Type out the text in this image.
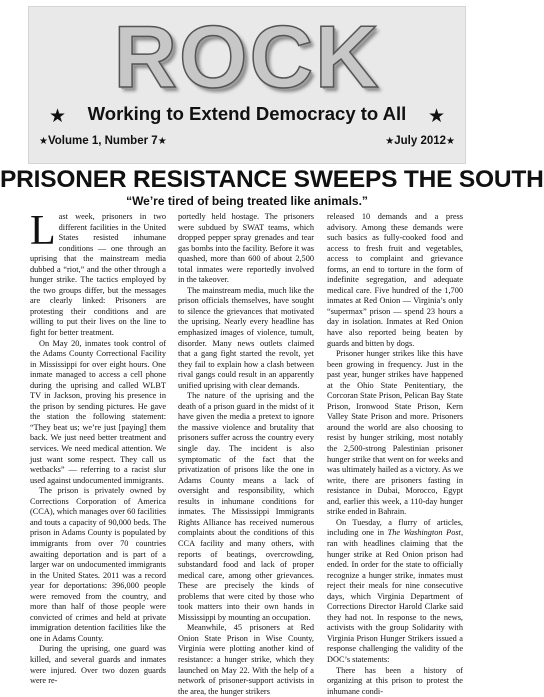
ROCK
★	Working to Extend Democracy to All	★
★Volume 1, Number 7★	★July 2012★
PRISONER RESISTANCE SWEEPS THE SOUTH
“We’re tired of being treated like animals.”

Last week, prisoners in two different facilities in the United States resisted inhumane conditions — one through an uprising that the mainstream media dubbed a “riot,” and the other through a hunger strike. The tactics employed by the two groups differ, but the messages are clearly linked: Prisoners are protesting their conditions and are willing to put their lives on the line to fight for better treatment.

On May 20, inmates took control of the Adams County Correctional Facility in Mississippi for over eight hours. One inmate managed to access a cell phone during the uprising and called WLBT TV in Jackson, proving his presence in the prison by sending pictures. He gave the station the following statement: “They beat us; we’re just [paying] them back. We just need better treatment and services. We need medical attention. We just want some respect. They call us wetbacks” — referring to a racist slur used against undocumented immigrants.

The prison is privately owned by Corrections Corporation of America (CCA), which manages over 60 facilities and touts a capacity of 90,000 beds. The prison in Adams County is populated by immigrants from over 70 countries awaiting deportation and is part of a larger war on undocumented immigrants in the United States. 2011 was a record year for deportations: 396,000 people were removed from the country, and more than half of those people were convicted of crimes and held at private immigration detention facilities like the one in Adams County.

During the uprising, one guard was killed, and several guards and inmates were injured. Over two dozen guards were re-

portedly held hostage. The prisoners were subdued by SWAT teams, which dropped pepper spray grenades and tear gas bombs into the facility. Before it was quashed, more than 600 of about 2,500 total inmates were reportedly involved in the takeover.

The mainstream media, much like the prison officials themselves, have sought to silence the grievances that motivated the uprising. Nearly every headline has emphasized images of violence, tumult, disorder. Many news outlets claimed that a gang fight started the revolt, yet they fail to explain how a clash between rival gangs could result in an apparently unified uprising with clear demands.

The nature of the uprising and the death of a prison guard in the midst of it have given the media a pretext to ignore the massive violence and brutality that prisoners suffer across the country every single day. The incident is also symptomatic of the fact that the privatization of prisons like the one in Adams County means a lack of oversight and responsibility, which results in inhumane conditions for inmates. The Mississippi Immigrants Rights Alliance has received numerous complaints about the conditions of this CCA facility and many others, with reports of beatings, overcrowding, substandard food and lack of proper medical care, among other grievances. These are precisely the kinds of problems that were cited by those who took matters into their own hands in Mississippi by mounting an occupation.

Meanwhile, 45 prisoners at Red Onion State Prison in Wise County, Virginia were plotting another kind of resistance: a hunger strike, which they launched on May 22. With the help of a network of prisoner-support activists in the area, the hunger strikers

released 10 demands and a press advisory. Among these demands were such basics as fully-cooked food and access to fresh fruit and vegetables, access to complaint and grievance forms, an end to torture in the form of indefinite segregation, and adequate medical care. Five hundred of the 1,700 inmates at Red Onion — Virginia’s only “supermax” prison — spend 23 hours a day in isolation. Inmates at Red Onion have also reported being beaten by guards and bitten by dogs.

Prisoner hunger strikes like this have been growing in frequency. Just in the past year, hunger strikes have happened at the Ohio State Penitentiary, the Corcoran State Prison, Pelican Bay State Prison, Ironwood State Prison, Kern Valley State Prison and more. Prisoners around the world are also choosing to resist by hunger striking, most notably the 2,500-strong Palestinian prisoner hunger strike that went on for weeks and was ultimately hailed as a victory. As we write, there are prisoners fasting in resistance in Dubai, Morocco, Egypt and, earlier this week, a 110-day hunger strike ended in Bahrain.

On Tuesday, a flurry of articles, including one in The Washington Post, ran with headlines claiming that the hunger strike at Red Onion prison had ended. In order for the state to officially recognize a hunger strike, inmates must reject their meals for nine consecutive days, which Virginia Department of Corrections Director Harold Clarke said they had not. In response to the news, activists with the group Solidarity with Virginia Prison Hunger Strikers issued a response challenging the validity of the DOC’s statements:

There has been a history of organizing at this prison to protest the inhumane condi-
